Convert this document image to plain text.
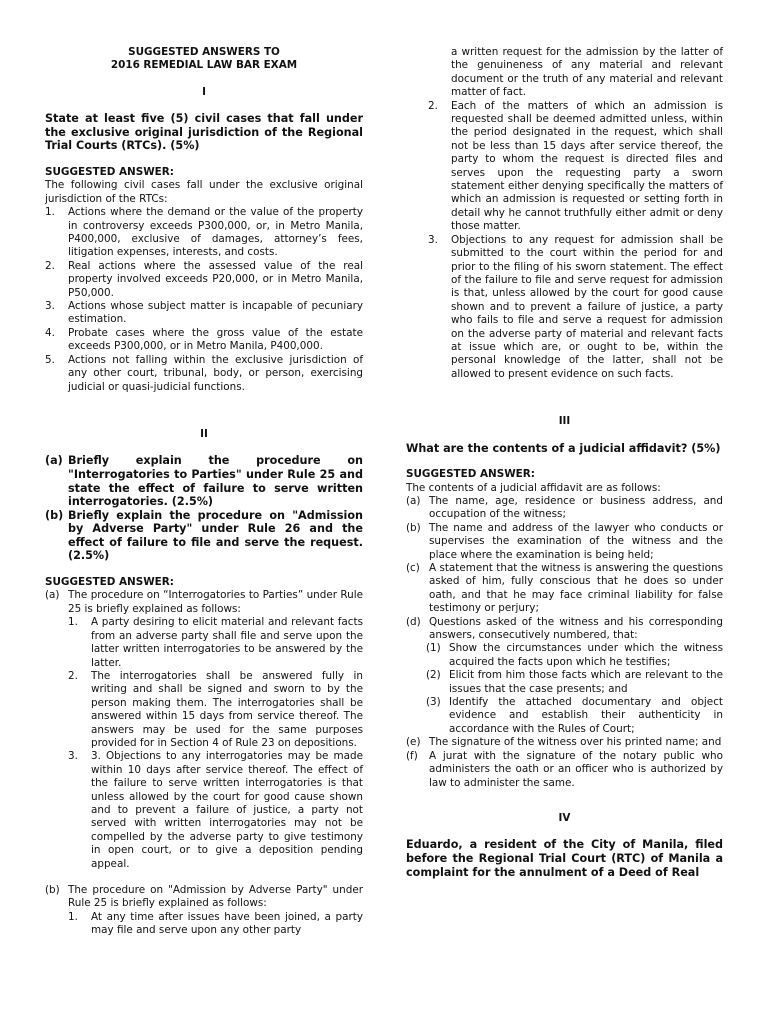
SUGGESTED ANSWERS TO
2016 REMEDIAL LAW BAR EXAM
I
State at least five (5) civil cases that fall under the exclusive original jurisdiction of the Regional Trial Courts (RTCs). (5%)
SUGGESTED ANSWER:
The following civil cases fall under the exclusive original jurisdiction of the RTCs:
1.	Actions where the demand or the value of the property in controversy exceeds P300,000, or, in Metro Manila, P400,000, exclusive of damages, attorney’s fees, litigation expenses, interests, and costs.
2.	Real actions where the assessed value of the real property involved exceeds P20,000, or in Metro Manila, P50,000.
3.	Actions whose subject matter is incapable of pecuniary estimation.
4.	Probate cases where the gross value of the estate exceeds P300,000, or in Metro Manila, P400,000.
5.	Actions not falling within the exclusive jurisdiction of any other court, tribunal, body, or person, exercising judicial or quasi-judicial functions.
II
(a) Briefly explain the procedure on "Interrogatories to Parties" under Rule 25 and state the effect of failure to serve written interrogatories. (2.5%)
(b) Briefly explain the procedure on "Admission by Adverse Party" under Rule 26 and the effect of failure to file and serve the request. (2.5%)
SUGGESTED ANSWER:
(a) The procedure on “Interrogatories to Parties” under Rule 25 is briefly explained as follows:
1.	A party desiring to elicit material and relevant facts from an adverse party shall file and serve upon the latter written interrogatories to be answered by the latter.
2.	The interrogatories shall be answered fully in writing and shall be signed and sworn to by the person making them. The interrogatories shall be answered within 15 days from service thereof. The answers may be used for the same purposes provided for in Section 4 of Rule 23 on depositions.
3.	3. Objections to any interrogatories may be made within 10 days after service thereof. The effect of the failure to serve written interrogatories is that unless allowed by the court for good cause shown and to prevent a failure of justice, a party not served with written interrogatories may not be compelled by the adverse party to give testimony in open court, or to give a deposition pending appeal.
(b) The procedure on "Admission by Adverse Party" under Rule 25 is briefly explained as follows:
1.	At any time after issues have been joined, a party may file and serve upon any other party
a written request for the admission by the latter of the genuineness of any material and relevant document or the truth of any material and relevant matter of fact.
2.	Each of the matters of which an admission is requested shall be deemed admitted unless, within the period designated in the request, which shall not be less than 15 days after service thereof, the party to whom the request is directed files and serves upon the requesting party a sworn statement either denying specifically the matters of which an admission is requested or setting forth in detail why he cannot truthfully either admit or deny those matter.
3.	Objections to any request for admission shall be submitted to the court within the period for and prior to the filing of his sworn statement. The effect of the failure to file and serve request for admission is that, unless allowed by the court for good cause shown and to prevent a failure of justice, a party who fails to file and serve a request for admission on the adverse party of material and relevant facts at issue which are, or ought to be, within the personal knowledge of the latter, shall not be allowed to present evidence on such facts.
III
What are the contents of a judicial affidavit? (5%)
SUGGESTED ANSWER:
The contents of a judicial affidavit are as follows:
(a) The name, age, residence or business address, and occupation of the witness;
(b) The name and address of the lawyer who conducts or supervises the examination of the witness and the place where the examination is being held;
(c) A statement that the witness is answering the questions asked of him, fully conscious that he does so under oath, and that he may face criminal liability for false testimony or perjury;
(d) Questions asked of the witness and his corresponding answers, consecutively numbered, that:
(1) Show the circumstances under which the witness acquired the facts upon which he testifies;
(2) Elicit from him those facts which are relevant to the issues that the case presents; and
(3) Identify the attached documentary and object evidence and establish their authenticity in accordance with the Rules of Court;
(e) The signature of the witness over his printed name; and
(f)	A jurat with the signature of the notary public who administers the oath or an officer who is authorized by law to administer the same.
IV
Eduardo, a resident of the City of Manila, filed before the Regional Trial Court (RTC) of Manila a complaint for the annulment of a Deed of Real
